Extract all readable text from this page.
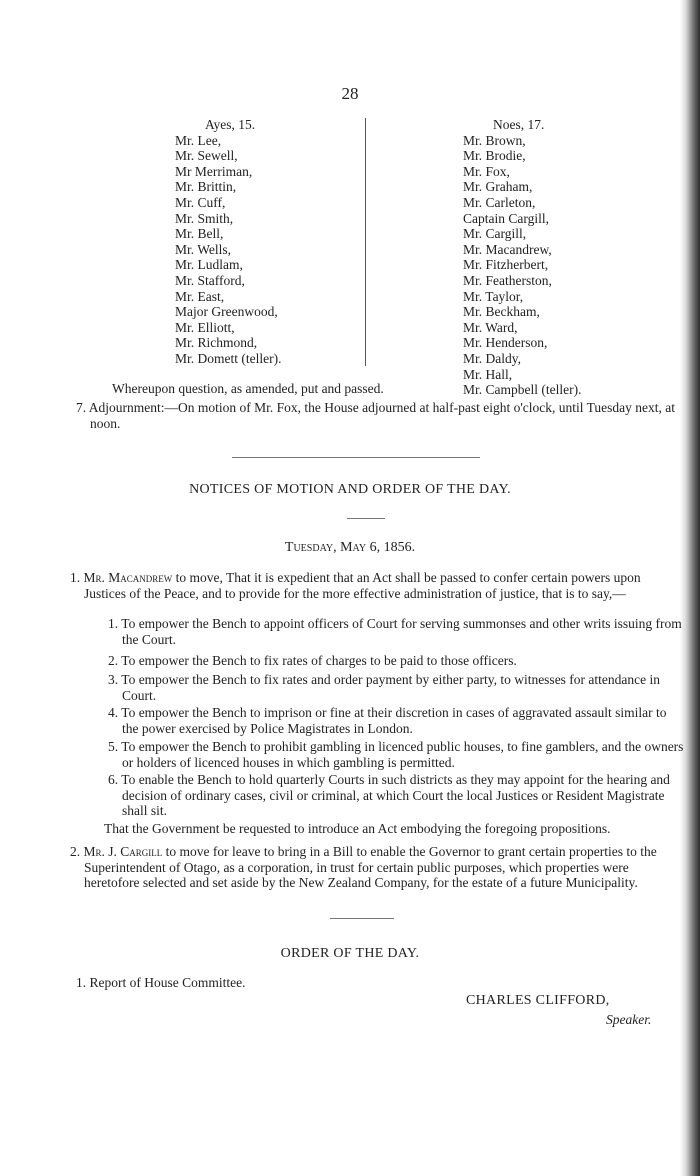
28
Ayes, 15.
Mr. Lee,
Mr. Sewell,
Mr Merriman,
Mr. Brittin,
Mr. Cuff,
Mr. Smith,
Mr. Bell,
Mr. Wells,
Mr. Ludlam,
Mr. Stafford,
Mr. East,
Major Greenwood,
Mr. Elliott,
Mr. Richmond,
Mr. Domett (teller).
Noes, 17.
Mr. Brown,
Mr. Brodie,
Mr. Fox,
Mr. Graham,
Mr. Carleton,
Captain Cargill,
Mr. Cargill,
Mr. Macandrew,
Mr. Fitzherbert,
Mr. Featherston,
Mr. Taylor,
Mr. Beckham,
Mr. Ward,
Mr. Henderson,
Mr. Daldy,
Mr. Hall,
Mr. Campbell (teller).
Whereupon question, as amended, put and passed.
7. Adjournment:—On motion of Mr. Fox, the House adjourned at half-past eight o'clock, until Tuesday next, at noon.
NOTICES OF MOTION AND ORDER OF THE DAY.
Tuesday, May 6, 1856.
1. Mr. Macandrew to move, That it is expedient that an Act shall be passed to confer certain powers upon Justices of the Peace, and to provide for the more effective administration of justice, that is to say,—
1. To empower the Bench to appoint officers of Court for serving summonses and other writs issuing from the Court.
2. To empower the Bench to fix rates of charges to be paid to those officers.
3. To empower the Bench to fix rates and order payment by either party, to witnesses for attendance in Court.
4. To empower the Bench to imprison or fine at their discretion in cases of aggravated assault similar to the power exercised by Police Magistrates in London.
5. To empower the Bench to prohibit gambling in licenced public houses, to fine gamblers, and the owners or holders of licenced houses in which gambling is permitted.
6. To enable the Bench to hold quarterly Courts in such districts as they may appoint for the hearing and decision of ordinary cases, civil or criminal, at which Court the local Justices or Resident Magistrate shall sit.
That the Government be requested to introduce an Act embodying the foregoing propositions.
2. Mr. J. Cargill to move for leave to bring in a Bill to enable the Governor to grant certain properties to the Superintendent of Otago, as a corporation, in trust for certain public purposes, which properties were heretofore selected and set aside by the New Zealand Company, for the estate of a future Municipality.
ORDER OF THE DAY.
1. Report of House Committee.
CHARLES CLIFFORD,
Speaker.
